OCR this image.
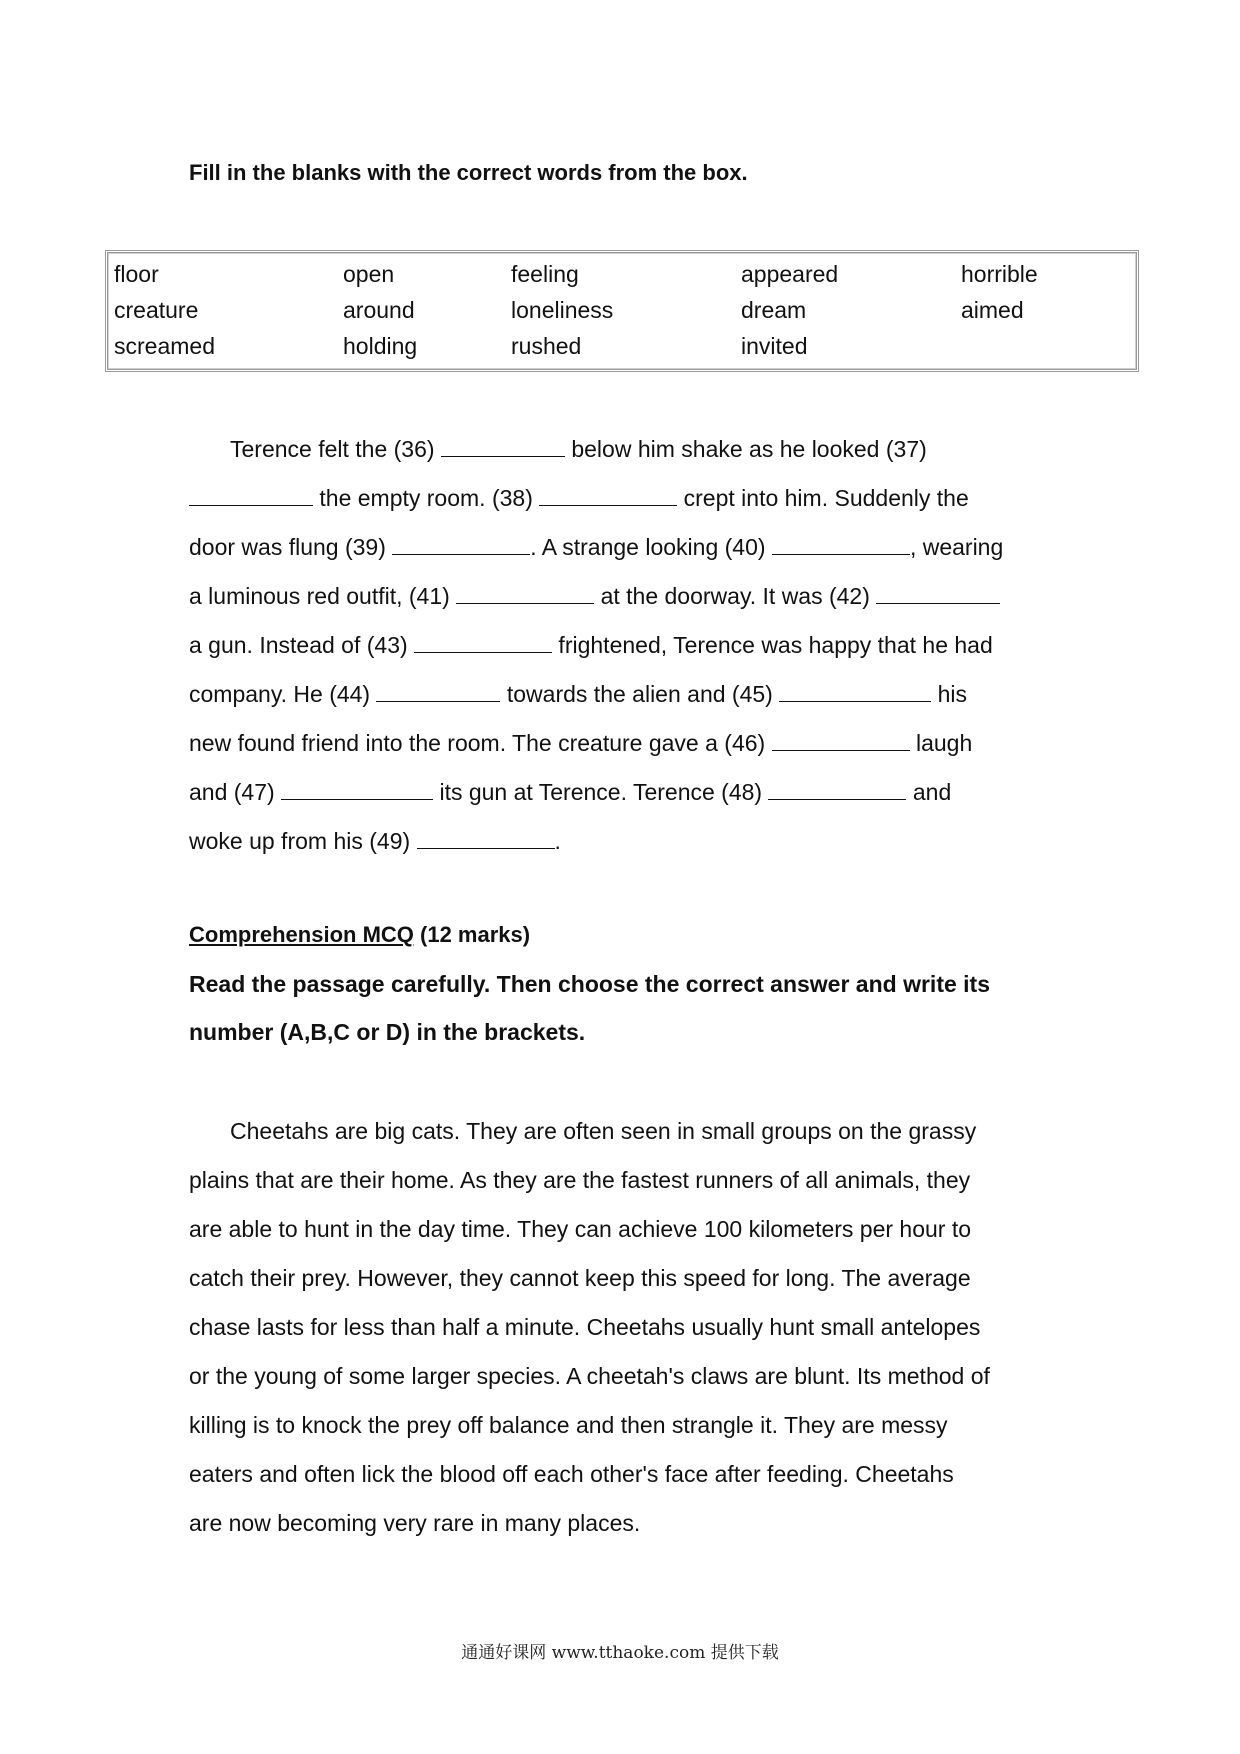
Fill in the blanks with the correct words from the box.
floor	open	feeling	appeared	horrible
creature	around	loneliness	dream	aimed
screamed	holding	rushed	invited
Terence felt the (36)	below him shake as he looked (37)
the empty room. (38)	crept into him. Suddenly the
door was flung (39)	. A strange looking (40)	, wearing
a luminous red outfit, (41)	at the doorway. It was (42)
a gun. Instead of (43)	frightened, Terence was happy that he had
company. He (44)	towards the alien and (45)	his
new found friend into the room. The creature gave a (46)	laugh
and (47)	its gun at Terence. Terence (48)	and
woke up from his (49)	.
Comprehension MCQ (12 marks)
Read the passage carefully. Then choose the correct answer and write its
number (A,B,C or D) in the brackets.
Cheetahs are big cats. They are often seen in small groups on the grassy
plains that are their home. As they are the fastest runners of all animals, they
are able to hunt in the day time. They can achieve 100 kilometers per hour to
catch their prey. However, they cannot keep this speed for long. The average
chase lasts for less than half a minute. Cheetahs usually hunt small antelopes
or the young of some larger species. A cheetah's claws are blunt. Its method of
killing is to knock the prey off balance and then strangle it. They are messy
eaters and often lick the blood off each other's face after feeding. Cheetahs
are now becoming very rare in many places.
通通好课网 www.tthaoke.com 提供下载
